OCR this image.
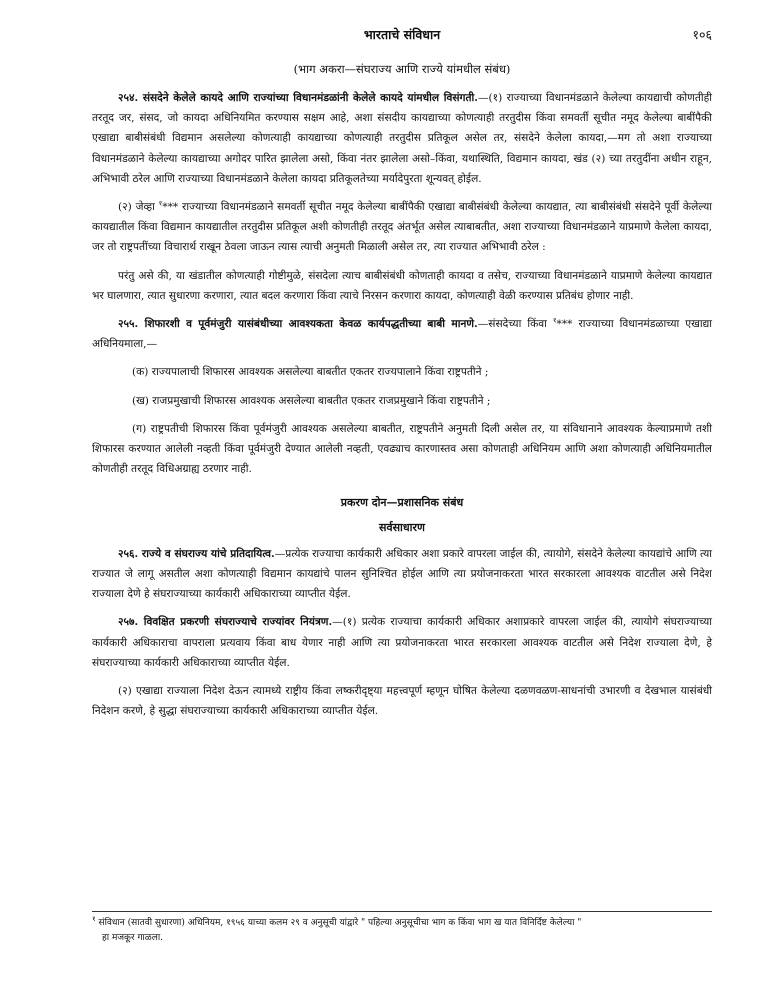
भारताचे संविधान	१०६
(भाग अकरा—संघराज्य आणि राज्ये यांमधील संबंध)

२५४. संसदेने केलेले कायदे आणि राज्यांच्या विधानमंडळांनी केलेले कायदे यांमधील विसंगती.—(१) राज्याच्या विधानमंडळाने केलेल्या कायद्याची कोणतीही तरतूद जर, संसद, जो कायदा अधिनियमित करण्यास सक्षम आहे, अशा संसदीय कायद्याच्या कोणत्याही तरतुदीस किंवा समवर्ती सूचीत नमूद केलेल्या बाबींपैकी एखाद्या बाबीसंबंधी विद्यमान असलेल्या कोणत्याही कायद्याच्या कोणत्याही तरतुदीस प्रतिकूल असेल तर, संसदेने केलेला कायदा,—मग तो अशा राज्याच्या विधानमंडळाने केलेल्या कायद्याच्या अगोदर पारित झालेला असो, किंवा नंतर झालेला असो–किंवा, यथास्थिति, विद्यमान कायदा, खंड (२) च्या तरतुदींना अधीन राहून, अभिभावी ठरेल आणि राज्याच्या विधानमंडळाने केलेला कायदा प्रतिकूलतेच्या मर्यादेपुरता शून्यवत् होईल.

(२) जेव्हा $^१$*** राज्याच्या विधानमंडळाने समवर्ती सूचीत नमूद केलेल्या बाबींपैकी एखाद्या बाबीसंबंधी केलेल्या कायद्यात, त्या बाबीसंबंधी संसदेने पूर्वी केलेल्या कायद्यातील किंवा विद्यमान कायद्यातील तरतुदीस प्रतिकूल अशी कोणतीही तरतूद अंतर्भूत असेल त्याबाबतीत, अशा राज्याच्या विधानमंडळाने याप्रमाणे केलेला कायदा, जर तो राष्ट्रपतींच्या विचारार्थ राखून ठेवला जाऊन त्यास त्याची अनुमती मिळाली असेल तर, त्या राज्यात अभिभावी ठरेल :

परंतु असे की, या खंडातील कोणत्याही गोष्टीमुळे, संसदेला त्याच बाबीसंबंधी कोणताही कायदा व तसेच, राज्याच्या विधानमंडळाने याप्रमाणे केलेल्या कायद्यात भर घालणारा, त्यात सुधारणा करणारा, त्यात बदल करणारा किंवा त्याचे निरसन करणारा कायदा, कोणत्याही वेळी करण्यास प्रतिबंध होणार नाही.

२५५. शिफारशी व पूर्वमंजुरी यासंबंधीच्या आवश्यकता केवळ कार्यपद्धतीच्या बाबी मानणे.—संसदेच्या किंवा $^१$*** राज्याच्या विधानमंडळाच्या एखाद्या अधिनियमाला,—

(क) राज्यपालाची शिफारस आवश्यक असलेल्या बाबतीत एकतर राज्यपालाने किंवा राष्ट्रपतीने ;

(ख) राजप्रमुखाची शिफारस आवश्यक असलेल्या बाबतीत एकतर राजप्रमुखाने किंवा राष्ट्रपतीने ;

(ग) राष्ट्रपतीची शिफारस किंवा पूर्वमंजुरी आवश्यक असलेल्या बाबतीत, राष्ट्रपतीने अनुमती दिली असेल तर, या संविधानाने आवश्यक केल्याप्रमाणे तशी शिफारस करण्यात आलेली नव्हती किंवा पूर्वमंजुरी देण्यात आलेली नव्हती, एवढ्याच कारणास्तव असा कोणताही अधिनियम आणि अशा कोणत्याही अधिनियमातील कोणतीही तरतूद विधिअग्राह्य ठरणार नाही.

प्रकरण दोन—प्रशासनिक संबंध
सर्वसाधारण

२५६. राज्ये व संघराज्य यांचे प्रतिदायित्व.—प्रत्येक राज्याचा कार्यकारी अधिकार अशा प्रकारे वापरला जाईल की, त्यायोगे, संसदेने केलेल्या कायद्यांचे आणि त्या राज्यात जे लागू असतील अशा कोणत्याही विद्यमान कायद्यांचे पालन सुनिश्चित होईल आणि त्या प्रयोजनाकरता भारत सरकारला आवश्यक वाटतील असे निदेश राज्याला देणे हे संघराज्याच्या कार्यकारी अधिकाराच्या व्याप्तीत येईल.

२५७. विवक्षित प्रकरणी संघराज्याचे राज्यांवर नियंत्रण.—(१) प्रत्येक राज्याचा कार्यकारी अधिकार अशाप्रकारे वापरला जाईल की, त्यायोगे संघराज्याच्या कार्यकारी अधिकाराचा वापराला प्रत्यवाय किंवा बाध येणार नाही आणि त्या प्रयोजनाकरता भारत सरकारला आवश्यक वाटतील असे निदेश राज्याला देणे, हे संघराज्याच्या कार्यकारी अधिकाराच्या व्याप्तीत येईल.

(२) एखाद्या राज्याला निदेश देऊन त्यामध्ये राष्ट्रीय किंवा लष्करीदृष्ट्या महत्त्वपूर्ण म्हणून घोषित केलेल्या दळणवळण-साधनांची उभारणी व देखभाल यासंबंधी निदेशन करणे, हे सुद्धा संघराज्याच्या कार्यकारी अधिकाराच्या व्याप्तीत येईल.

$^१$ संविधान (सातवी सुधारणा) अधिनियम, १९५६ याच्या कलम २९ व अनुसूची यांद्वारे " पहिल्या अनुसूचीचा भाग क किंवा भाग ख यात विनिर्दिष्ट केलेल्या "
हा मजकूर गाळला.
